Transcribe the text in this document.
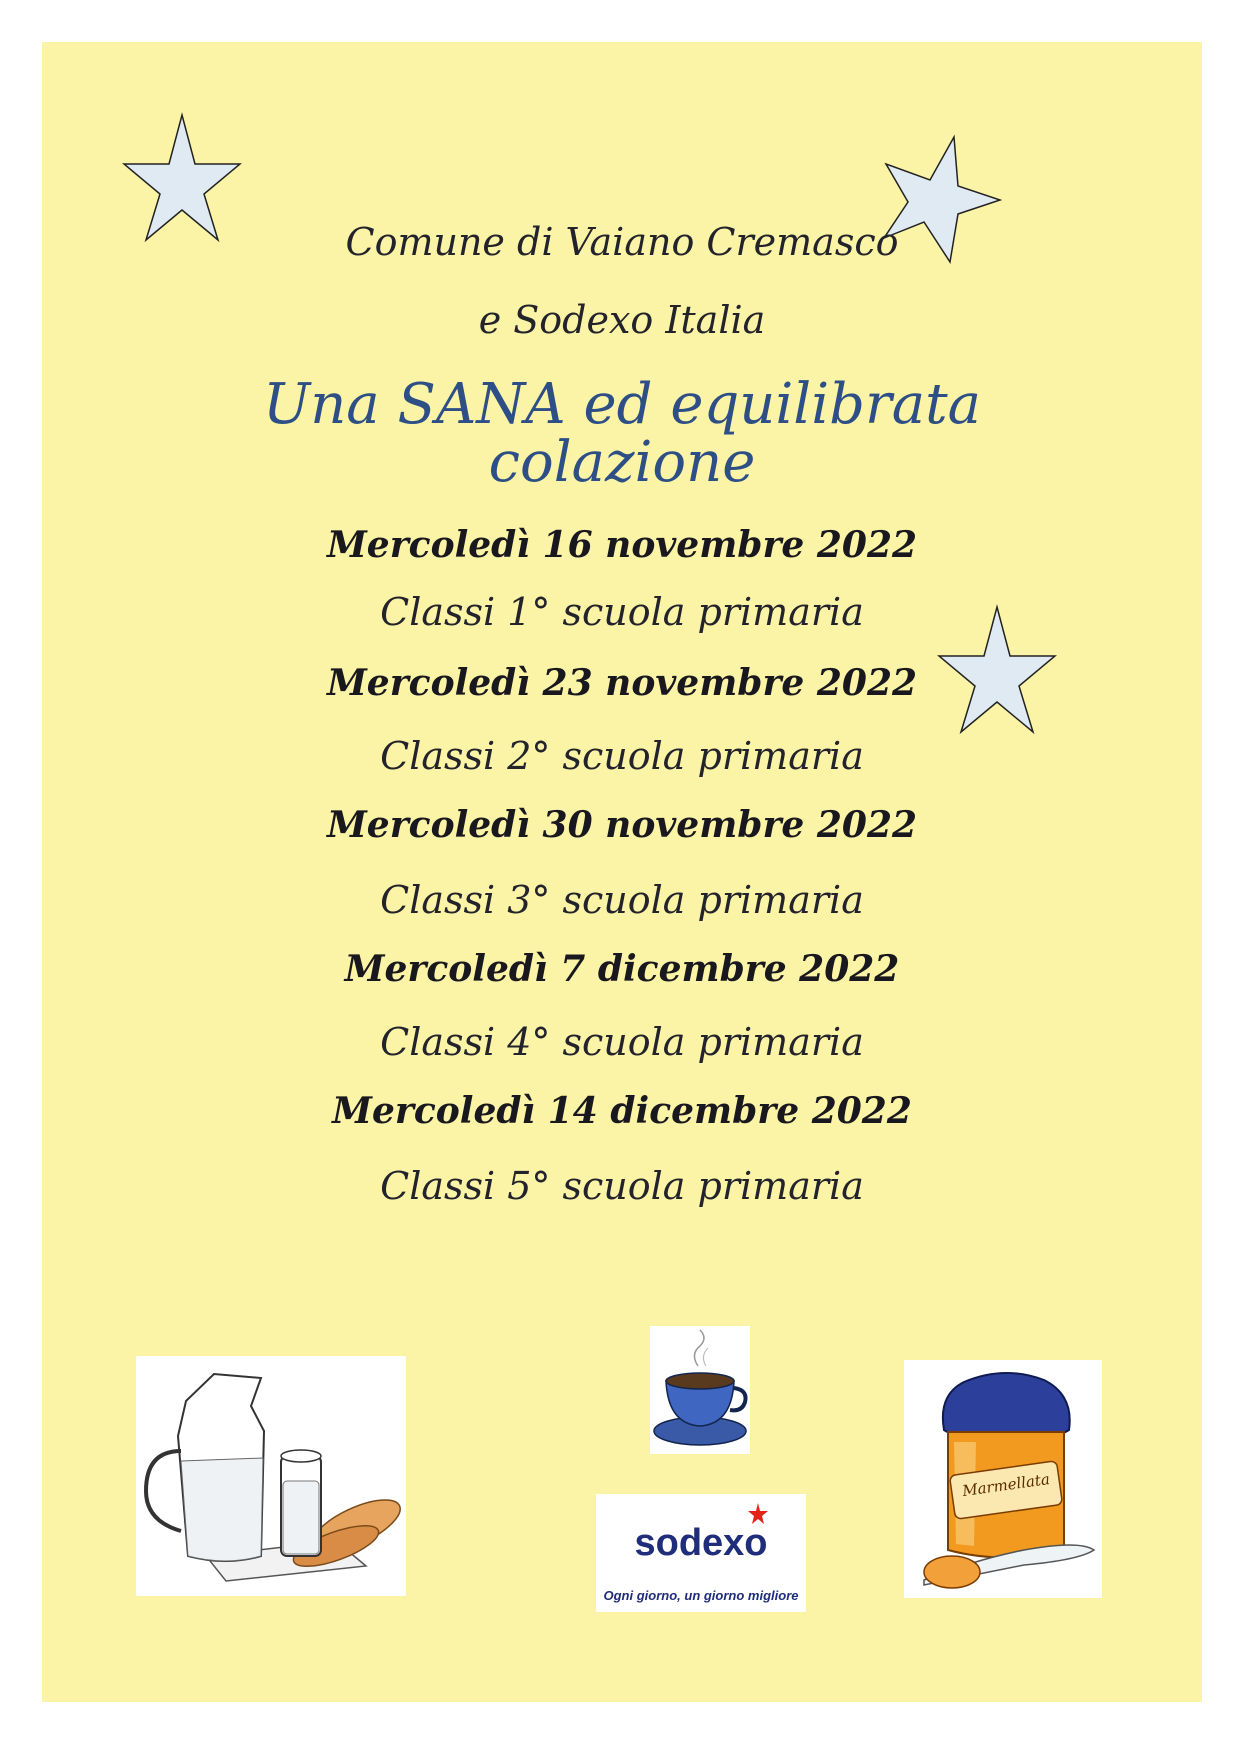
Comune di Vaiano Cremasco
e Sodexo Italia
Una SANA ed equilibrata
colazione
Mercoledì 16 novembre 2022
Classi 1° scuola primaria
Mercoledì 23 novembre 2022
Classi 2° scuola primaria
Mercoledì 30 novembre 2022
Classi 3° scuola primaria
Mercoledì 7 dicembre 2022
Classi 4° scuola primaria
Mercoledì 14 dicembre 2022
Classi 5° scuola primaria
sodexo
Ogni giorno, un giorno migliore
Marmellata
